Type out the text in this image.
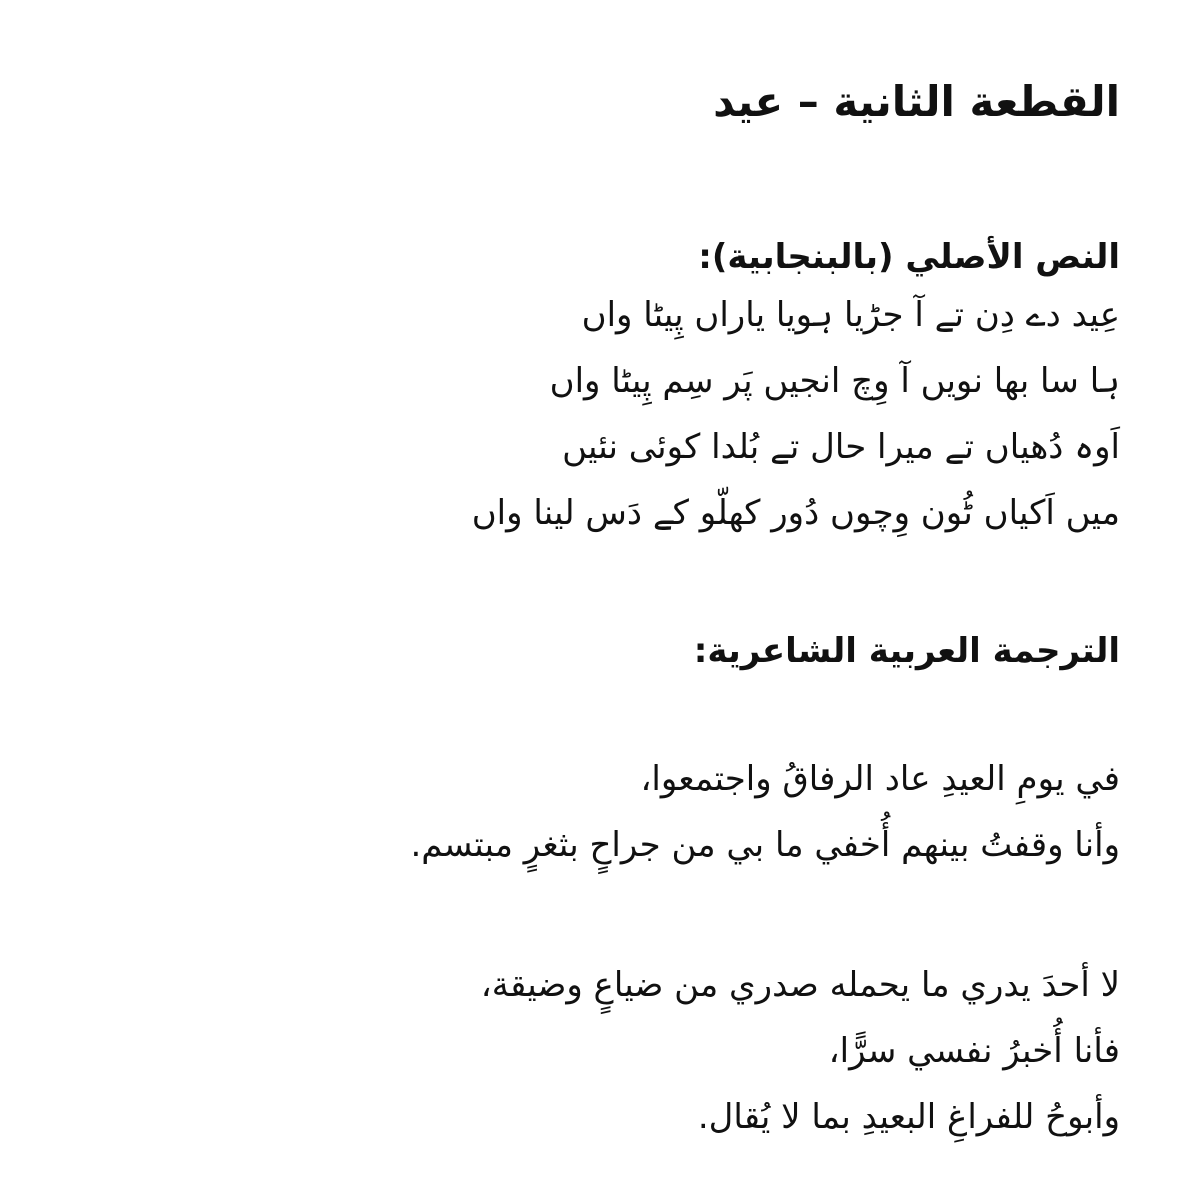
القطعة الثانية – عيد
النص الأصلي (بالبنجابية):
عِید دے دِن تے آ جڑیا ہویا یاراں پِیٹا واں
ہا سا بھا نویں آ وِچ انجیں پَر سِم پِیٹا واں
اَوہ دُھیاں تے میرا حال تے بُلدا کوئی نئیں
میں اَکیاں ٹُون وِچوں دُور کھلّو کے دَس لینا واں
الترجمة العربية الشاعرية:
في يومِ العيدِ عاد الرفاقُ واجتمعوا،
وأنا وقفتُ بينهم أُخفي ما بي من جراحٍ بثغرٍ مبتسم.
لا أحدَ يدري ما يحمله صدري من ضياعٍ وضيقة،
فأنا أُخبرُ نفسي سرًّا،
وأبوحُ للفراغِ البعيدِ بما لا يُقال.
